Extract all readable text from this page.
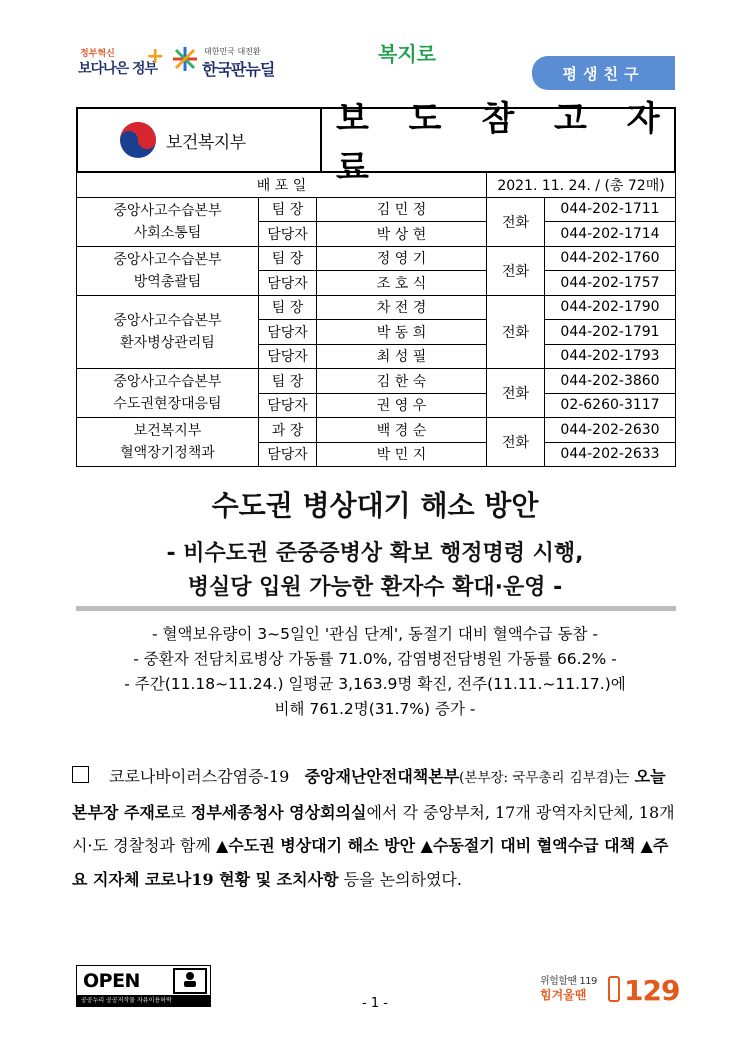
정부혁신
보다나은 정부
+	대한민국 대전환
한국판뉴딜
복지로
평생친구
보건복지부
보 도 참 고 자 료
배 포 일			2021. 11. 24. / (총 72매)	
중앙사고수습본부
사회소통팀	팀 장	김 민 정	전화	044-202-1711
	담당자	박 상 현		044-202-1714
중앙사고수습본부
방역총괄팀	팀 장	정 영 기	전화	044-202-1760
	담당자	조 호 식		044-202-1757
중앙사고수습본부
환자병상관리팀	팀 장	차 전 경	전화	044-202-1790
	담당자	박 동 희		044-202-1791
	담당자	최 성 필		044-202-1793
중앙사고수습본부
수도권현장대응팀	팀 장	김 한 숙	전화	044-202-3860
	담당자	권 영 우		02-6260-3117
보건복지부
혈액장기정책과	과 장	백 경 순	전화	044-202-2630
	담당자	박 민 지		044-202-2633
수도권 병상대기 해소 방안
- 비수도권 준중증병상 확보 행정명령 시행,
병실당 입원 가능한 환자수 확대·운영 -
- 혈액보유량이 3~5일인 '관심 단계', 동절기 대비 혈액수급 동참 -
- 중환자 전담치료병상 가동률 71.0%, 감염병전담병원 가동률 66.2% -
- 주간(11.18~11.24.) 일평균 3,163.9명 확진, 전주(11.11.~11.17.)에
비해 761.2명(31.7%) 증가 -
코로나바이러스감염증-19 중앙재난안전대책본부(본부장: 국무총리 김부겸)는 오늘 본부장 주재로로 정부세종청사 영상회의실에서 각 중앙부처, 17개 광역자치단체, 18개 시·도 경찰청과 함께 ▲수도권 병상대기 해소 방안 ▲수동절기 대비 혈액수급 대책 ▲주요 지자체 코로나19 현황 및 조치사항 등을 논의하였다.
OPEN
공공누리 공공저작물 자유이용허락	- 1 -
위험할땐 119
힘겨울땐 129
